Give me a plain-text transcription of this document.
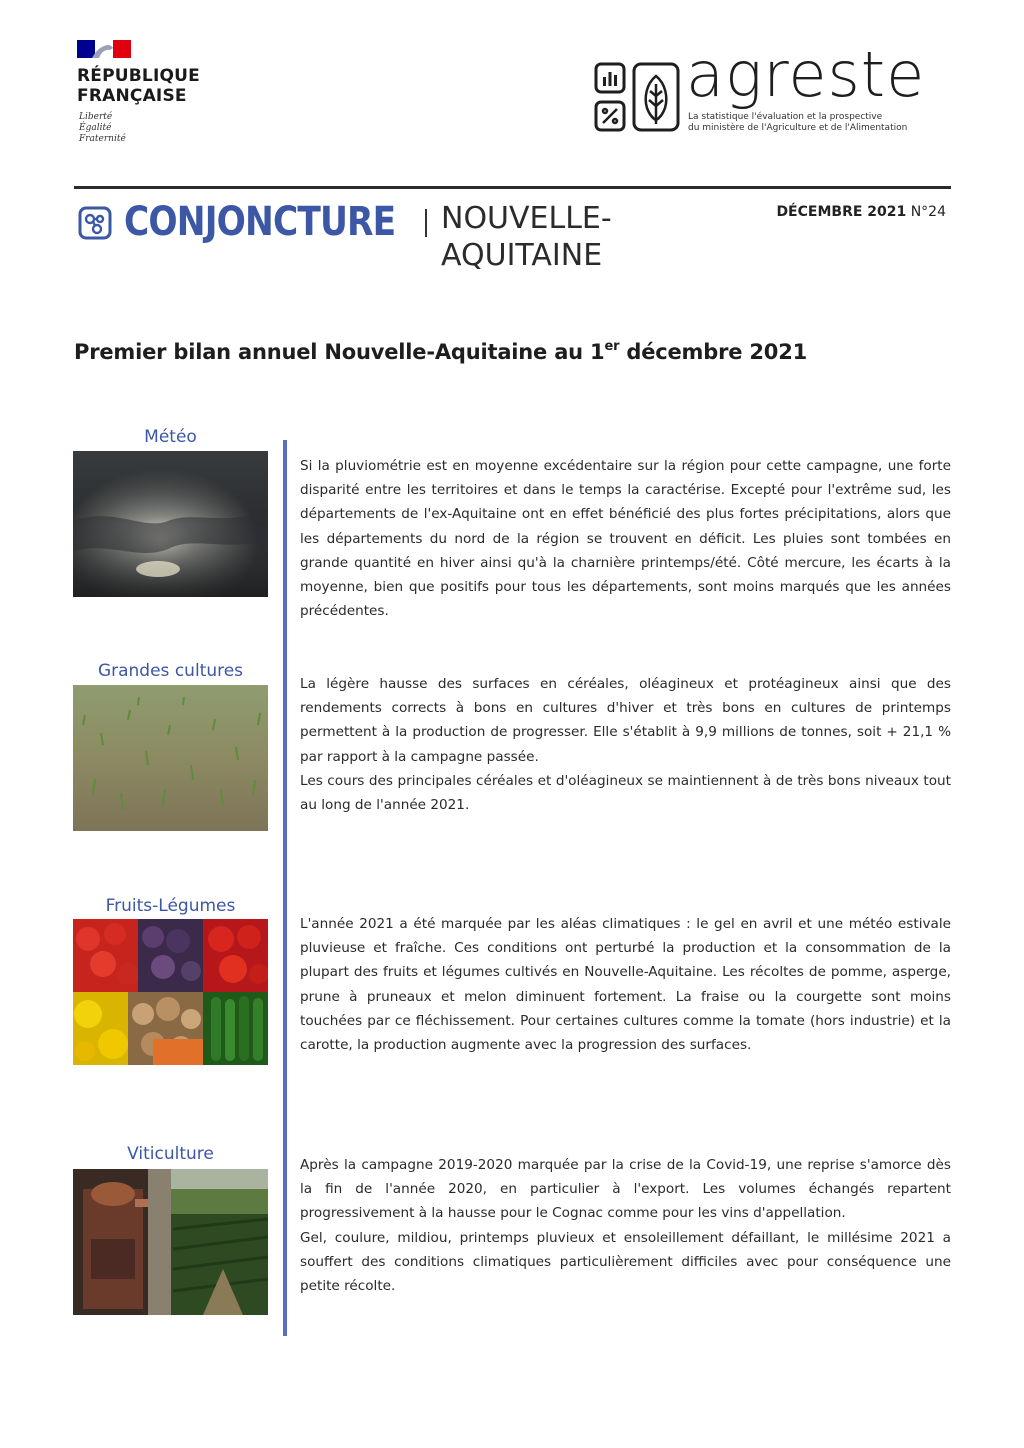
RÉPUBLIQUE
FRANÇAISE
Liberté
Égalité
Fraternité
agreste
La statistique l'évaluation et la prospective
du ministère de l'Agriculture et de l'Alimentation
CONJONCTURE NOUVELLE-
AQUITAINE
DÉCEMBRE 2021 N°24
Premier bilan annuel Nouvelle-Aquitaine au 1er décembre 2021
Météo

Si la pluviométrie est en moyenne excédentaire sur la région pour cette campagne, une forte disparité entre les territoires et dans le temps la caractérise. Excepté pour l'extrême sud, les départements de l'ex-Aquitaine ont en effet bénéficié des plus fortes précipitations, alors que les départements du nord de la région se trouvent en déficit. Les pluies sont tombées en grande quantité en hiver ainsi qu'à la charnière printemps/été. Côté mercure, les écarts à la moyenne, bien que positifs pour tous les départements, sont moins marqués que les années précédentes.

Grandes cultures

La légère hausse des surfaces en céréales, oléagineux et protéagineux ainsi que des rendements corrects à bons en cultures d'hiver et très bons en cultures de printemps permettent à la production de progresser. Elle s'établit à 9,9 millions de tonnes, soit + 21,1 % par rapport à la campagne passée.

Les cours des principales céréales et d'oléagineux se maintiennent à de très bons niveaux tout au long de l'année 2021.

Fruits-Légumes

L'année 2021 a été marquée par les aléas climatiques : le gel en avril et une météo estivale pluvieuse et fraîche. Ces conditions ont perturbé la production et la consommation de la plupart des fruits et légumes cultivés en Nouvelle-Aquitaine. Les récoltes de pomme, asperge, prune à pruneaux et melon diminuent fortement. La fraise ou la courgette sont moins touchées par ce fléchissement. Pour certaines cultures comme la tomate (hors industrie) et la carotte, la production augmente avec la progression des surfaces.

Viticulture

Après la campagne 2019-2020 marquée par la crise de la Covid-19, une reprise s'amorce dès la fin de l'année 2020, en particulier à l'export. Les volumes échangés repartent progressivement à la hausse pour le Cognac comme pour les vins d'appellation.

Gel, coulure, mildiou, printemps pluvieux et ensoleillement défaillant, le millésime 2021 a souffert des conditions climatiques particulièrement difficiles avec pour conséquence une petite récolte.
